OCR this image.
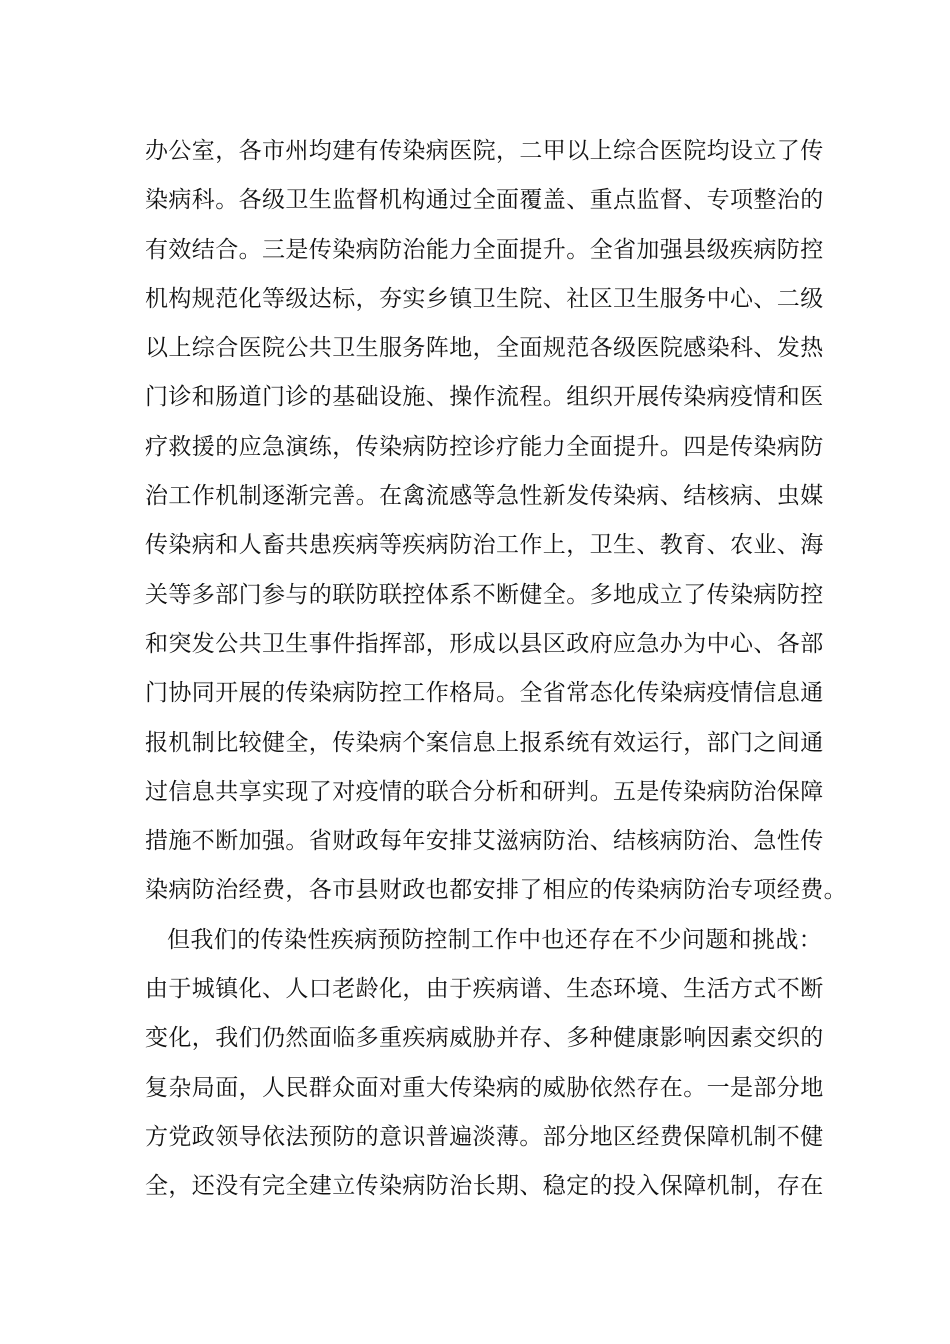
办公室，各市州均建有传染病医院，二甲以上综合医院均设立了传
染病科。各级卫生监督机构通过全面覆盖、重点监督、专项整治的
有效结合。三是传染病防治能力全面提升。全省加强县级疾病防控
机构规范化等级达标，夯实乡镇卫生院、社区卫生服务中心、二级
以上综合医院公共卫生服务阵地，全面规范各级医院感染科、发热
门诊和肠道门诊的基础设施、操作流程。组织开展传染病疫情和医
疗救援的应急演练，传染病防控诊疗能力全面提升。四是传染病防
治工作机制逐渐完善。在禽流感等急性新发传染病、结核病、虫媒
传染病和人畜共患疾病等疾病防治工作上，卫生、教育、农业、海
关等多部门参与的联防联控体系不断健全。多地成立了传染病防控
和突发公共卫生事件指挥部，形成以县区政府应急办为中心、各部
门协同开展的传染病防控工作格局。全省常态化传染病疫情信息通
报机制比较健全，传染病个案信息上报系统有效运行，部门之间通
过信息共享实现了对疫情的联合分析和研判。五是传染病防治保障
措施不断加强。省财政每年安排艾滋病防治、结核病防治、急性传
染病防治经费，各市县财政也都安排了相应的传染病防治专项经费。
但我们的传染性疾病预防控制工作中也还存在不少问题和挑战：
由于城镇化、人口老龄化，由于疾病谱、生态环境、生活方式不断
变化，我们仍然面临多重疾病威胁并存、多种健康影响因素交织的
复杂局面，人民群众面对重大传染病的威胁依然存在。一是部分地
方党政领导依法预防的意识普遍淡薄。部分地区经费保障机制不健
全，还没有完全建立传染病防治长期、稳定的投入保障机制，存在
